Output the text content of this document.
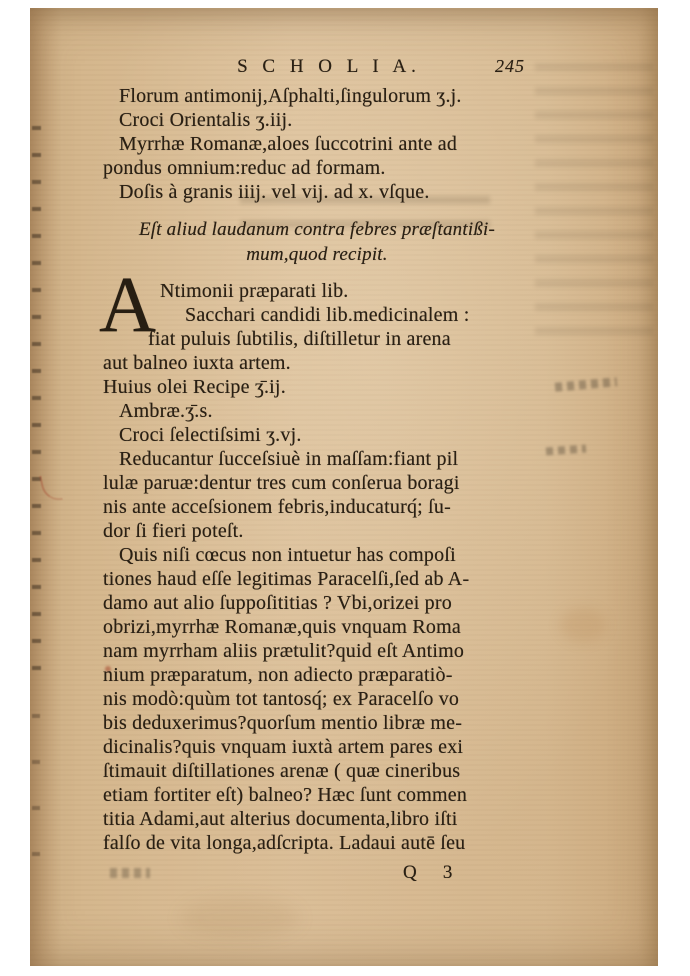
S C H O L I A.	245
Florum antimonij,Aſphalti,ſingulorum ʒ.j.
Croci Orientalis ʒ.iij.
Myrrhæ Romanæ,aloes ſuccotrini ante ad
pondus omnium:reduc ad formam.
Doſis à granis iiij. vel vij. ad x. vſque.
Eſt aliud laudanum contra febres præſtantißi-
mum,quod recipit.
A Ntimonii præparati lib.
Sacchari candidi lib.medicinalem :
fiat puluis ſubtilis, diſtilletur in arena
aut balneo iuxta artem.
Huius olei Recipe ʒ̄.ij.
Ambræ.ʒ̄.s.
Croci ſelectiſsimi ʒ.vj.
Reducantur ſucceſsiuè in maſſam:fiant pil
lulæ paruæ:dentur tres cum conſerua boragi
nis ante acceſsionem febris,inducaturq́; ſu-
dor ſi fieri poteſt.
Quis niſi cœcus non intuetur has compoſi
tiones haud eſſe legitimas Paracelſi,ſed ab A-
damo aut alio ſuppoſititias ? Vbi,orizei pro
obrizi,myrrhæ Romanæ,quis vnquam Roma
nam myrrham aliis prætulit?quid eſt Antimo
nium præparatum, non adiecto præparatiò-
nis modò:quùm tot tantosq́; ex Paracelſo vo
bis deduxerimus?quorſum mentio libræ me-
dicinalis?quis vnquam iuxtà artem pares exi
ſtimauit diſtillationes arenæ ( quæ cineribus
etiam fortiter eſt) balneo? Hæc ſunt commen
titia Adami,aut alterius documenta,libro iſti
falſo de vita longa,adſcripta. Ladaui autē ſeu
Q 3
